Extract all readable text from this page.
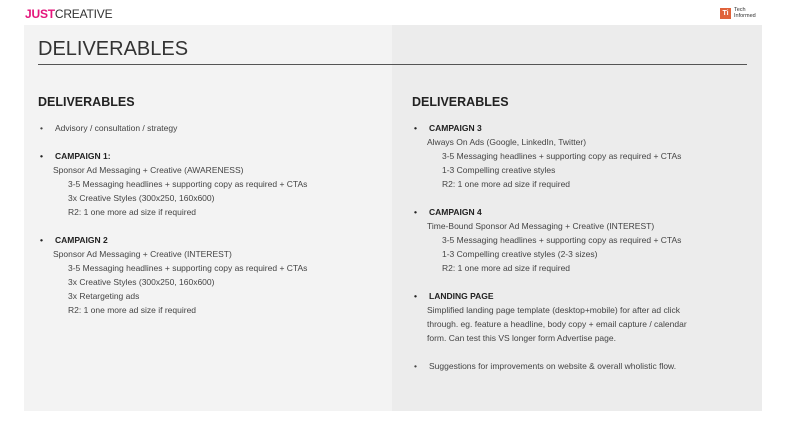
JUSTCREATIVE	Ti Tech
Informed
DELIVERABLES
DELIVERABLES
•	Advisory / consultation / strategy
•	CAMPAIGN 1:
Sponsor Ad Messaging + Creative (AWARENESS)
3-5 Messaging headlines + supporting copy as required + CTAs
3x Creative Styles (300x250, 160x600)
R2: 1 one more ad size if required
•	CAMPAIGN 2
Sponsor Ad Messaging + Creative (INTEREST)
3-5 Messaging headlines + supporting copy as required + CTAs
3x Creative Styles (300x250, 160x600)
3x Retargeting ads
R2: 1 one more ad size if required
DELIVERABLES
•	CAMPAIGN 3
Always On Ads (Google, LinkedIn, Twitter)
3-5 Messaging headlines + supporting copy as required + CTAs
1-3 Compelling creative styles
R2: 1 one more ad size if required
•	CAMPAIGN 4
Time-Bound Sponsor Ad Messaging + Creative (INTEREST)
3-5 Messaging headlines + supporting copy as required + CTAs
1-3 Compelling creative styles (2-3 sizes)
R2: 1 one more ad size if required
•	LANDING PAGE
Simplified landing page template (desktop+mobile) for after ad click
through. eg. feature a headline, body copy + email capture / calendar
form. Can test this VS longer form Advertise page.
•	Suggestions for improvements on website & overall wholistic flow.
